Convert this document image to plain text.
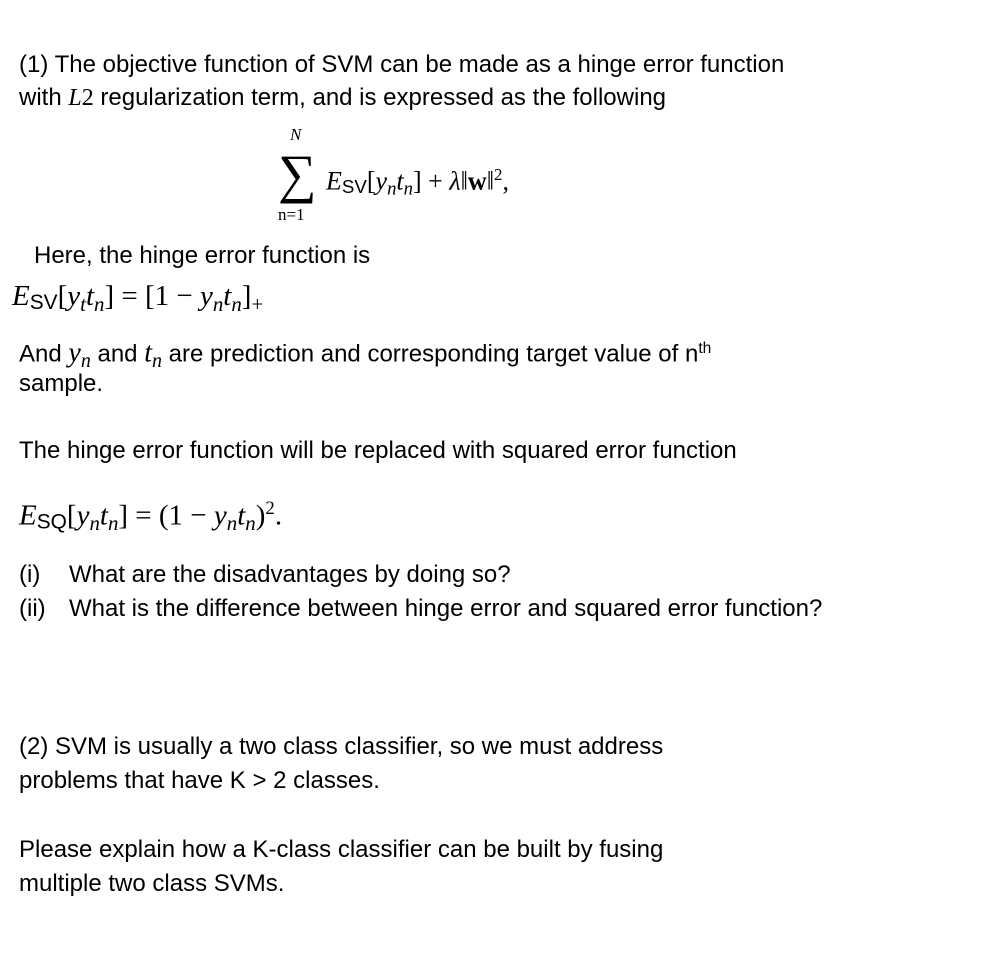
(1) The objective function of SVM can be made as a hinge error function
with L2 regularization term, and is expressed as the following
N
∑
n=1
$ESV[y_nt_n]$ + λ‖w‖$^2$,
Here, the hinge error function is
$ESV[y_tt_n] = [1 - y_nt_n]_+$
And $y_n$ and $t_n$ are prediction and corresponding target value of $n^{th}$
sample.
The hinge error function will be replaced with squared error function
$ESQ[y_nt_n] = (1 - y_nt_n)^2$.
(i) What are the disadvantages by doing so?
(ii) What is the difference between hinge error and squared error function?
(2) SVM is usually a two class classifier, so we must address
problems that have K > 2 classes.
Please explain how a K-class classifier can be built by fusing
multiple two class SVMs.
